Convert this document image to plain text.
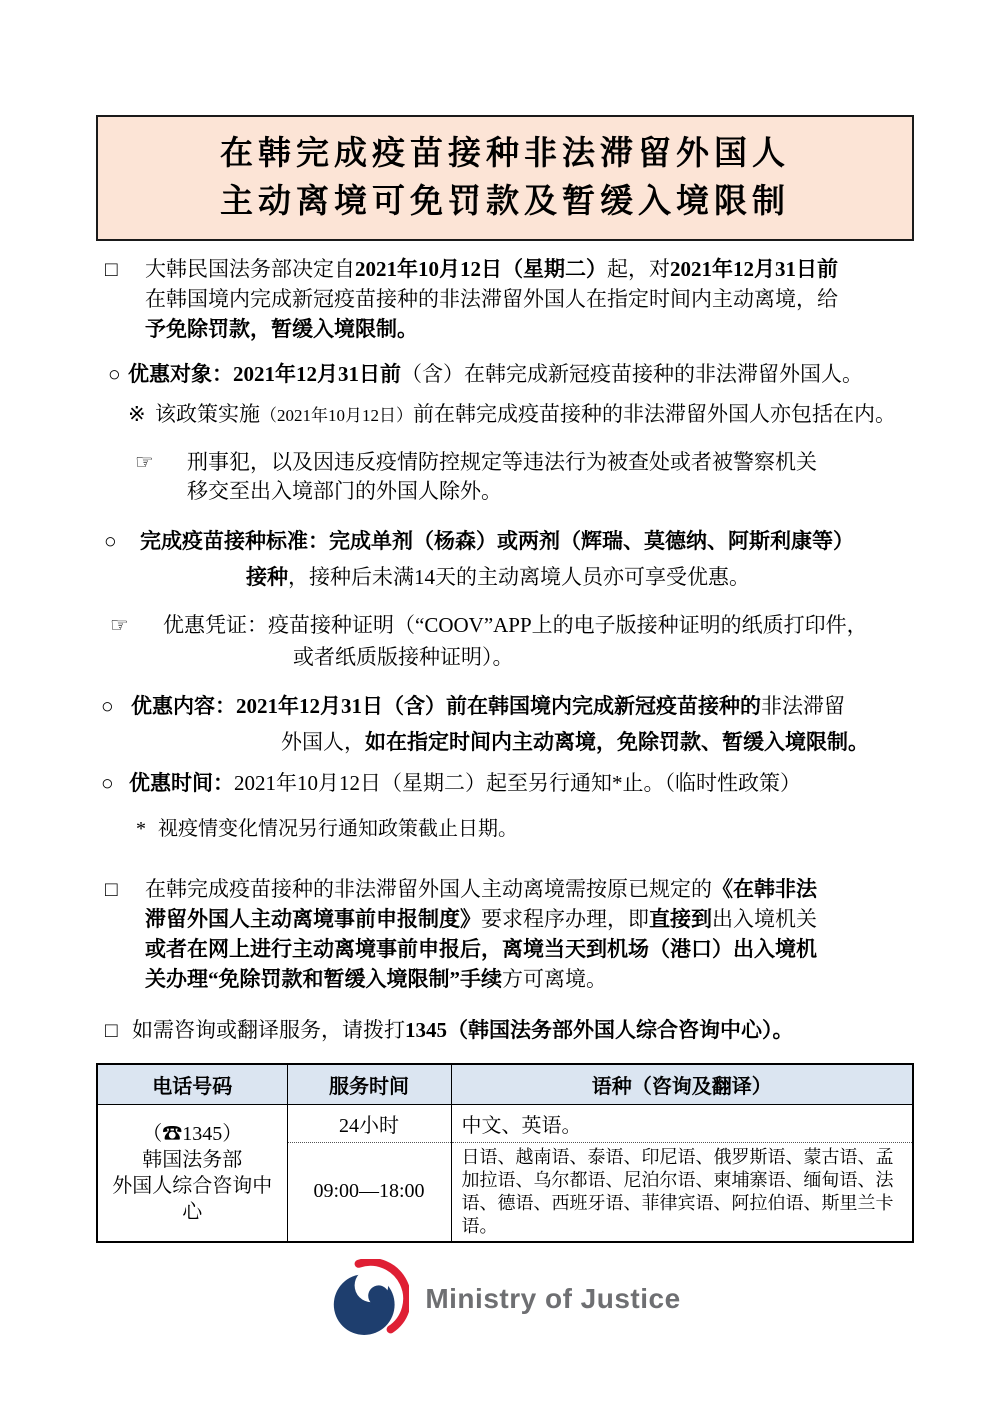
在韩完成疫苗接种非法滞留外国人
主动离境可免罚款及暂缓入境限制
□	大韩民国法务部决定自2021年10月12日（星期二）起，对2021年12月31日前
在韩国境内完成新冠疫苗接种的非法滞留外国人在指定时间内主动离境，给
予免除罚款，暂缓入境限制。
○ 优惠对象：2021年12月31日前（含）在韩完成新冠疫苗接种的非法滞留外国人。
※ 该政策实施（2021年10月12日）前在韩完成疫苗接种的非法滞留外国人亦包括在内。
☞	刑事犯，以及因违反疫情防控规定等违法行为被查处或者被警察机关
移交至出入境部门的外国人除外。
○	完成疫苗接种标准：完成单剂（杨森）或两剂（辉瑞、莫德纳、阿斯利康等）
接种，接种后未满14天的主动离境人员亦可享受优惠。
☞	优惠凭证：疫苗接种证明（“COOV”APP上的电子版接种证明的纸质打印件，
或者纸质版接种证明）。
○ 优惠内容：2021年12月31日（含）前在韩国境内完成新冠疫苗接种的非法滞留
外国人，如在指定时间内主动离境，免除罚款、暂缓入境限制。
○ 优惠时间：2021年10月12日（星期二）起至另行通知*止。（临时性政策）
* 视疫情变化情况另行通知政策截止日期。
□	在韩完成疫苗接种的非法滞留外国人主动离境需按原已规定的《在韩非法
滞留外国人主动离境事前申报制度》要求程序办理，即直接到出入境机关
或者在网上进行主动离境事前申报后，离境当天到机场（港口）出入境机
关办理“免除罚款和暂缓入境限制”手续方可离境。
□ 如需咨询或翻译服务，请拨打1345（韩国法务部外国人综合咨询中心）。
电话号码	服务时间	语种（咨询及翻译）

（☎1345）
韩国法务部
外国人综合咨询中心	24小时	中文、英语。
	09:00—18:00	日语、越南语、泰语、印尼语、俄罗斯语、蒙古语、孟加拉语、乌尔都语、尼泊尔语、柬埔寨语、缅甸语、法语、德语、西班牙语、菲律宾语、阿拉伯语、斯里兰卡语。
Ministry of Justice
